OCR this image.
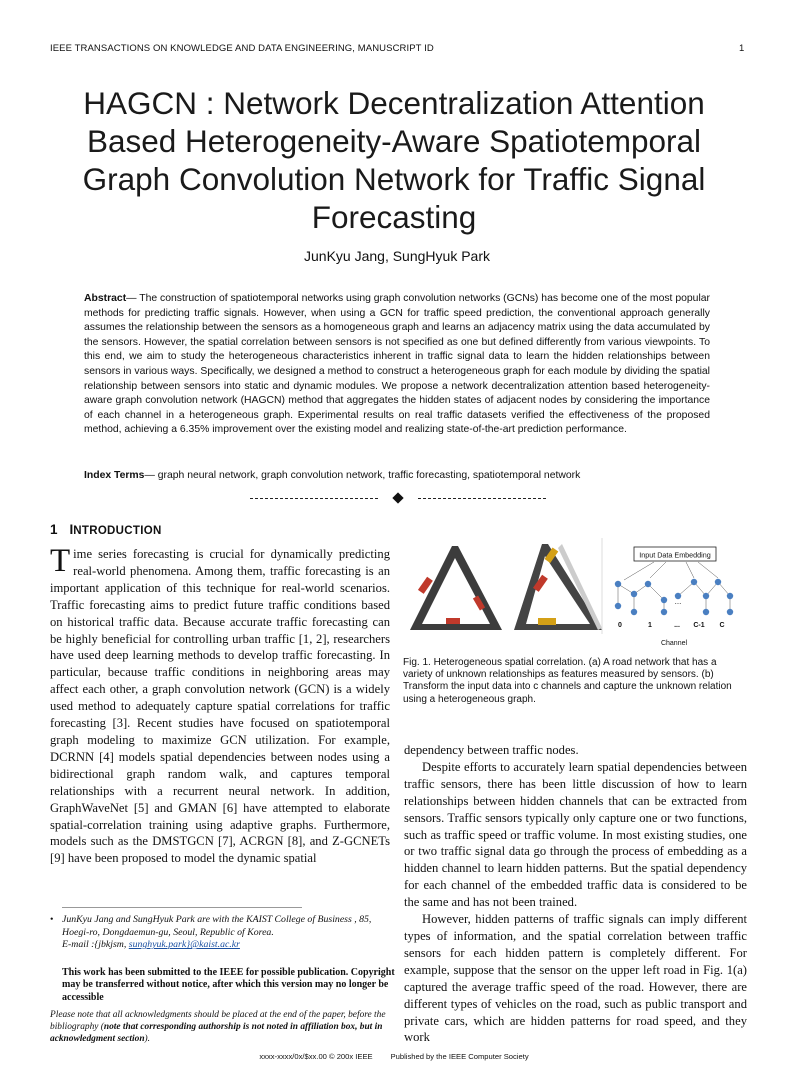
IEEE TRANSACTIONS ON KNOWLEDGE AND DATA ENGINEERING, MANUSCRIPT ID	1
HAGCN : Network Decentralization Attention Based Heterogeneity-Aware Spatiotemporal Graph Convolution Network for Traffic Signal Forecasting
JunKyu Jang, SungHyuk Park
Abstract— The construction of spatiotemporal networks using graph convolution networks (GCNs) has become one of the most popular methods for predicting traffic signals. However, when using a GCN for traffic speed prediction, the conventional approach generally assumes the relationship between the sensors as a homogeneous graph and learns an adjacency matrix using the data accumulated by the sensors. However, the spatial correlation between sensors is not specified as one but defined differently from various viewpoints. To this end, we aim to study the heterogeneous characteristics inherent in traffic signal data to learn the hidden relationships between sensors in various ways. Specifically, we designed a method to construct a heterogeneous graph for each module by dividing the spatial relationship between sensors into static and dynamic modules. We propose a network decentralization attention based heterogeneity-aware graph convolution network (HAGCN) method that aggregates the hidden states of adjacent nodes by considering the importance of each channel in a heterogeneous graph. Experimental results on real traffic datasets verified the effectiveness of the proposed method, achieving a 6.35% improvement over the existing model and realizing state-of-the-art prediction performance.
Index Terms— graph neural network, graph convolution network, traffic forecasting, spatiotemporal network
1 INTRODUCTION
Time series forecasting is crucial for dynamically predicting real-world phenomena. Among them, traffic forecasting is an important application of this technique for real-world scenarios. Traffic forecasting aims to predict future traffic conditions based on historical traffic data. Because accurate traffic forecasting can be highly beneficial for controlling urban traffic [1, 2], researchers have used deep learning methods to develop traffic forecasting. In particular, because traffic conditions in neighboring areas may affect each other, a graph convolution network (GCN) is a widely used method to adequately capture spatial correlations for traffic forecasting [3]. Recent studies have focused on spatiotemporal graph modeling to maximize GCN utilization. For example, DCRNN [4] models spatial dependencies between nodes using a bidirectional graph random walk, and captures temporal relationships with a recurrent neural network. In addition, GraphWaveNet [5] and GMAN [6] have attempted to elaborate spatial-correlation training using adaptive graphs. Furthermore, models such as the DMSTGCN [7], ACRGN [8], and Z-GCNETs [9] have been proposed to model the dynamic spatial
• JunKyu Jang and SungHyuk Park are with the KAIST College of Business , 85, Hoegi-ro, Dongdaemun-gu, Seoul, Republic of Korea.
E-mail :{jbkjsm, sunghyuk.park}@kaist.ac.kr
This work has been submitted to the IEEE for possible publication. Copyright may be transferred without notice, after which this version may no longer be accessible
Please note that all acknowledgments should be placed at the end of the paper, before the bibliography (note that corresponding authorship is not noted in affiliation box, but in acknowledgment section).
Input Data Embedding
...
0	1	... C-1 C
Channel
Fig. 1. Heterogeneous spatial correlation. (a) A road network that has a variety of unknown relationships as features measured by sensors. (b) Transform the input data into c channels and capture the unknown relation using a heterogeneous graph.

dependency between traffic nodes.

Despite efforts to accurately learn spatial dependencies between traffic sensors, there has been little discussion of how to learn relationships between hidden channels that can be extracted from sensors. Traffic sensors typically only capture one or two functions, such as traffic speed or traffic volume. In most existing studies, one or two traffic signal data go through the process of embedding as a hidden channel to learn hidden patterns. But the spatial dependency for each channel of the embedded traffic data is considered to be the same and has not been trained.

However, hidden patterns of traffic signals can imply different types of information, and the spatial correlation between traffic sensors for each hidden pattern is completely different. For example, suppose that the sensor on the upper left road in Fig. 1(a) captured the average traffic speed of the road. However, there are different types of vehicles on the road, such as public transport and private cars, which are hidden patterns for road speed, and they work

xxxx-xxxx/0x/$xx.00 © 200x IEEE Published by the IEEE Computer Society
